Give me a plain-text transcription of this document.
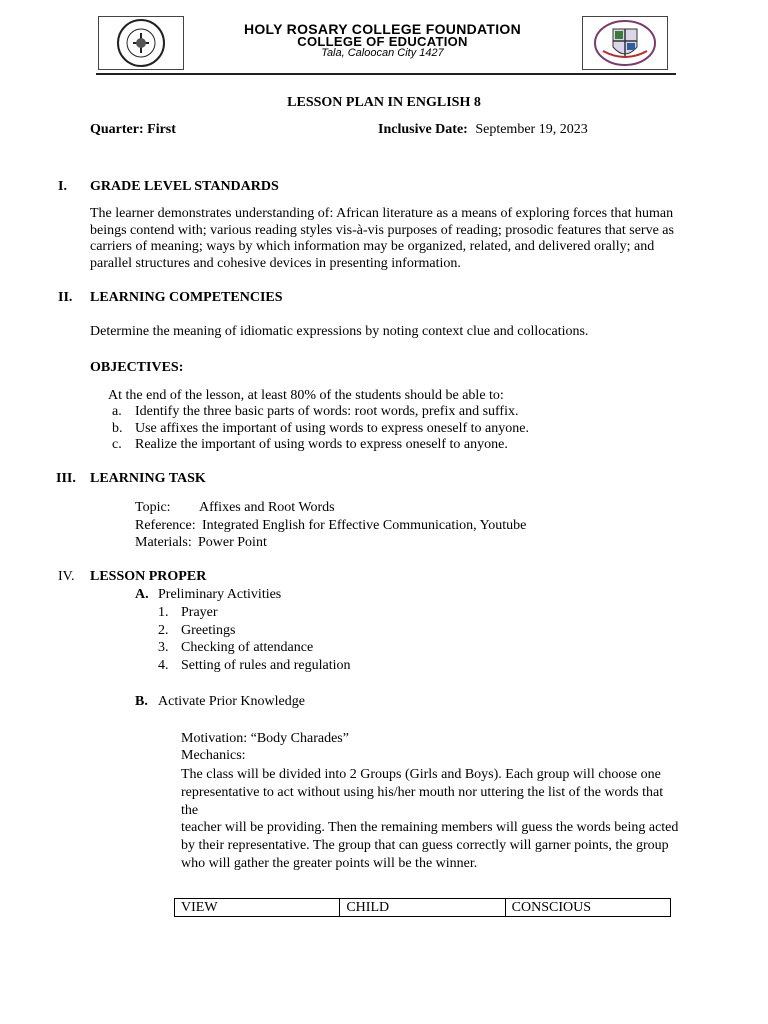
HOLY ROSARY COLLEGE FOUNDATION
COLLEGE OF EDUCATION
Tala, Caloocan City 1427
LESSON PLAN IN ENGLISH 8
Quarter: First	Inclusive Date: September 19, 2023
I. GRADE LEVEL STANDARDS
The learner demonstrates understanding of: African literature as a means of exploring forces that human
beings contend with; various reading styles vis-à-vis purposes of reading; prosodic features that serve as
carriers of meaning; ways by which information may be organized, related, and delivered orally; and
parallel structures and cohesive devices in presenting information.
II. LEARNING COMPETENCIES
Determine the meaning of idiomatic expressions by noting context clue and collocations.
OBJECTIVES:
At the end of the lesson, at least 80% of the students should be able to:
a. Identify the three basic parts of words: root words, prefix and suffix.
b. Use affixes the important of using words to express oneself to anyone.
c. Realize the important of using words to express oneself to anyone.
III. LEARNING TASK
Topic: Affixes and Root Words
Reference: Integrated English for Effective Communication, Youtube
Materials: Power Point
IV. LESSON PROPER
A. Preliminary Activities
1. Prayer
2. Greetings
3. Checking of attendance
4. Setting of rules and regulation
B. Activate Prior Knowledge
Motivation: “Body Charades”
Mechanics:
The class will be divided into 2 Groups (Girls and Boys). Each group will choose one
representative to act without using his/her mouth nor uttering the list of the words that the
teacher will be providing. Then the remaining members will guess the words being acted
by their representative. The group that can guess correctly will garner points, the group
who will gather the greater points will be the winner.
VIEW	CHILD	CONSCIOUS
